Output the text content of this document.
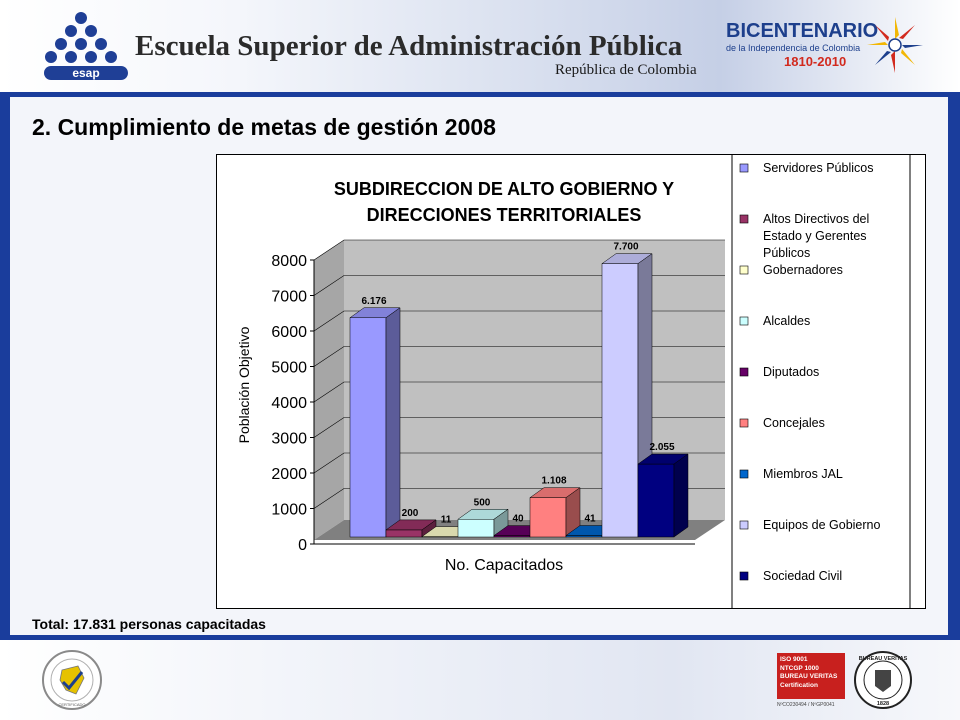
esap
Escuela Superior de Administración Pública
República de Colombia
BICENTENARIO
de la Independencia de Colombia
1810-2010
2. Cumplimiento de metas de gestión 2008
0
1000
2000
3000
4000
5000
6000
7000
8000
6.176
200
11
500
40
1.108
41
7.700
2.055
SUBDIRECCION DE ALTO GOBIERNO Y
DIRECCIONES TERRITORIALES
No. Capacitados
Población Objetivo
Servidores Públicos
Altos Directivos del
Estado y Gerentes
Públicos
Gobernadores
Alcaldes
Diputados
Concejales
Miembros JAL
Equipos de Gobierno
Sociedad Civil
Total: 17.831 personas capacitadas
CERTIFICADO
ISO 9001
NTCGP 1000
BUREAU VERITAS
Certification
BUREAU VERITAS
1828
NºCO230494 / NºGP0041
